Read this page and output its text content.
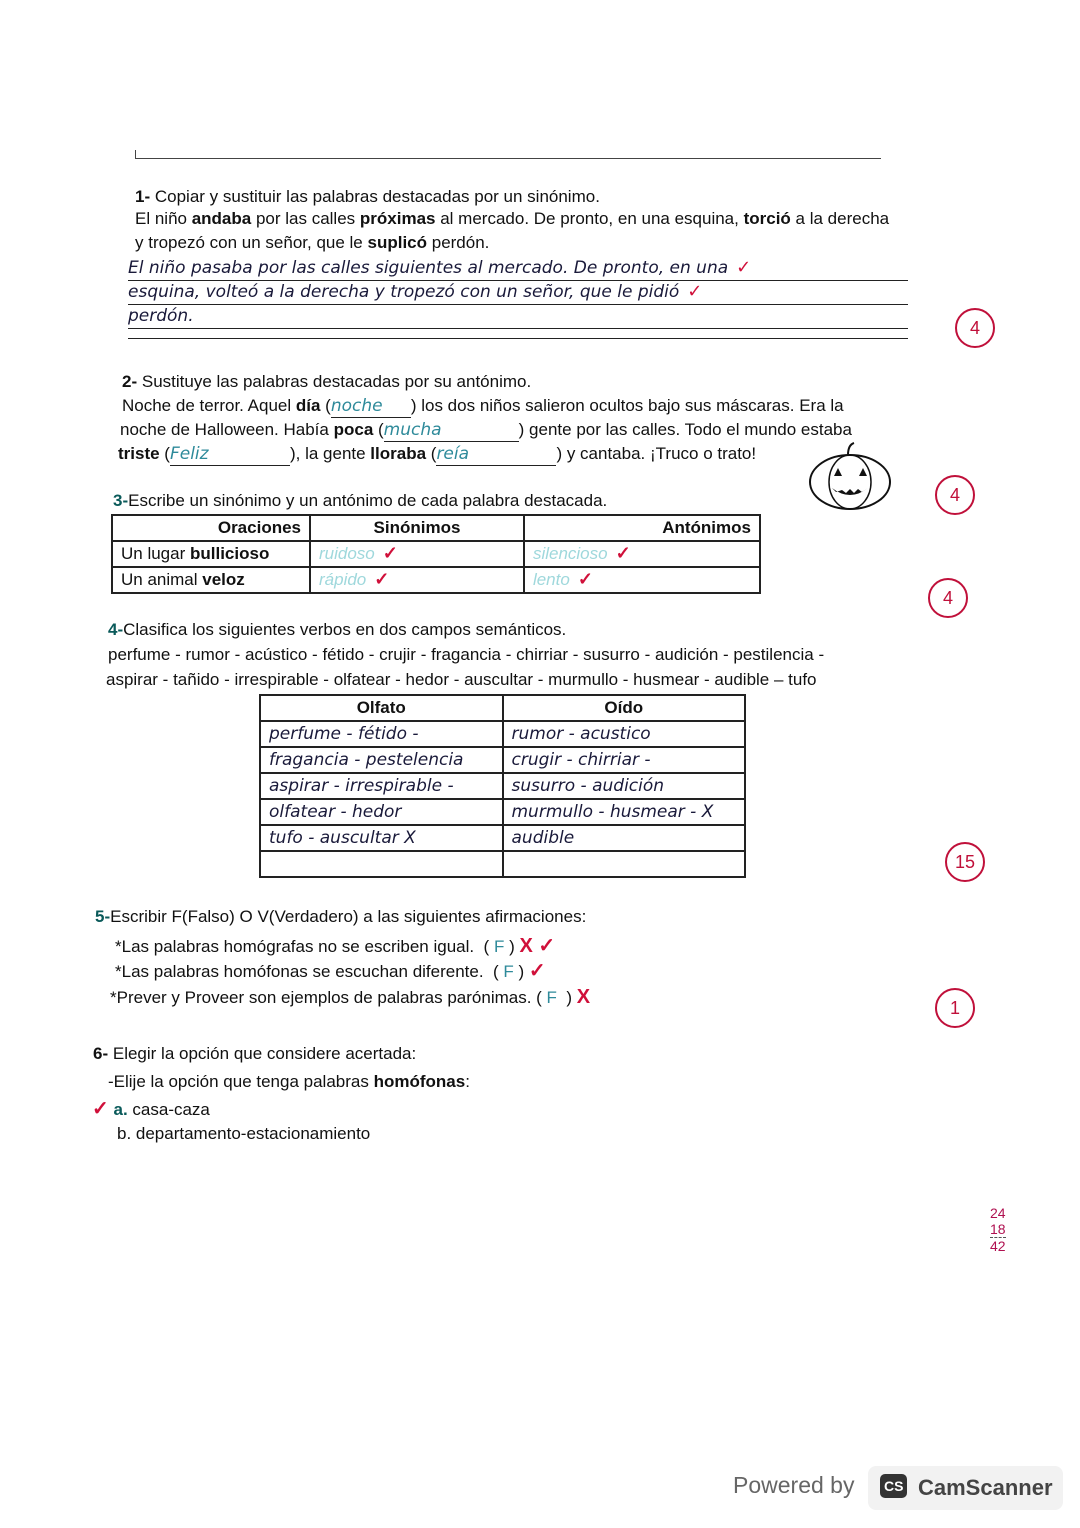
1- Copiar y sustituir las palabras destacadas por un sinónimo.
El niño andaba por las calles próximas al mercado. De pronto, en una esquina, torció a la derecha
y tropezó con un señor, que le suplicó perdón.
El niño pasaba por las calles siguientes al mercado. De pronto, en una ✓
esquina, volteó a la derecha y tropezó con un señor, que le pidió ✓
perdón.
2- Sustituye las palabras destacadas por su antónimo.
Noche de terror. Aquel día (noche ) los dos niños salieron ocultos bajo sus máscaras. Era la
noche de Halloween. Había poca (mucha	) gente por las calles. Todo el mundo estaba
triste (Feliz	), la gente lloraba (reía	) y cantaba. ¡Truco o trato!
3-Escribe un sinónimo y un antónimo de cada palabra destacada.
Oraciones	Sinónimos	Antónimos
Un lugar bullicioso	ruidoso ✓	silencioso ✓
Un animal veloz	rápido ✓	lento ✓
4-Clasifica los siguientes verbos en dos campos semánticos.
perfume - rumor - acústico - fétido - crujir - fragancia - chirriar - susurro - audición - pestilencia -
aspirar - tañido - irrespirable - olfatear - hedor - auscultar - murmullo - husmear - audible – tufo
Olfato	Oído
perfume - fétido -	rumor - acustico
fragancia - pestelencia	crugir - chirriar -
aspirar - irrespirable -	susurro - audición
olfatear - hedor	murmullo - husmear - X
tufo - auscultar X	audible

5-Escribir F(Falso) O V(Verdadero) a las siguientes afirmaciones:
*Las palabras homógrafas no se escriben igual.  ( F ) X ✓
*Las palabras homófonas se escuchan diferente.  ( F ) ✓
*Prever y Proveer son ejemplos de palabras parónimas. ( F  ) X
6- Elegir la opción que considere acertada:
-Elije la opción que tenga palabras homófonas:
✓ a. casa-caza
b. departamento-estacionamiento
4
4
4
15
1
24
18
42
Powered by CS CamScanner
